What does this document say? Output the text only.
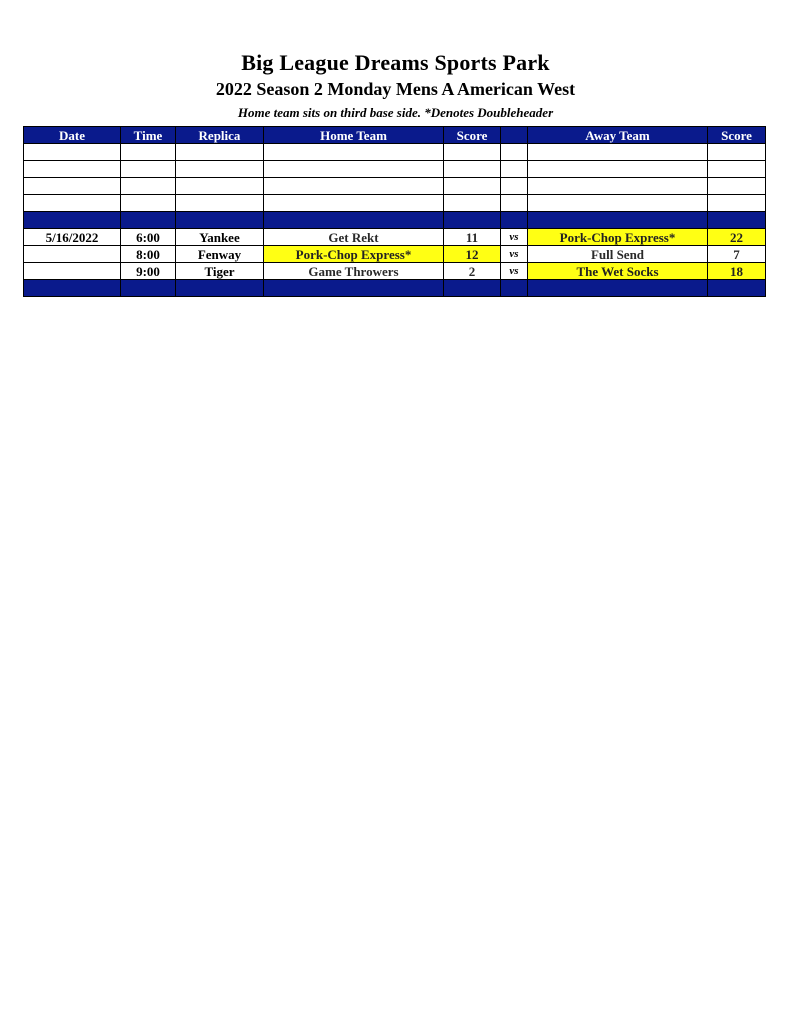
Big League Dreams Sports Park
2022 Season 2 Monday Mens A American West
Home team sits on third base side. *Denotes Doubleheader
Date	Time	Replica	Home Team	Score		Away Team	Score

5/16/2022	6:00	Yankee	Get Rekt	11	vs	Pork-Chop Express*	22
	8:00	Fenway	Pork-Chop Express*	12	vs	Full Send	7
	9:00	Tiger	Game Throwers	2	vs	The Wet Socks	18
